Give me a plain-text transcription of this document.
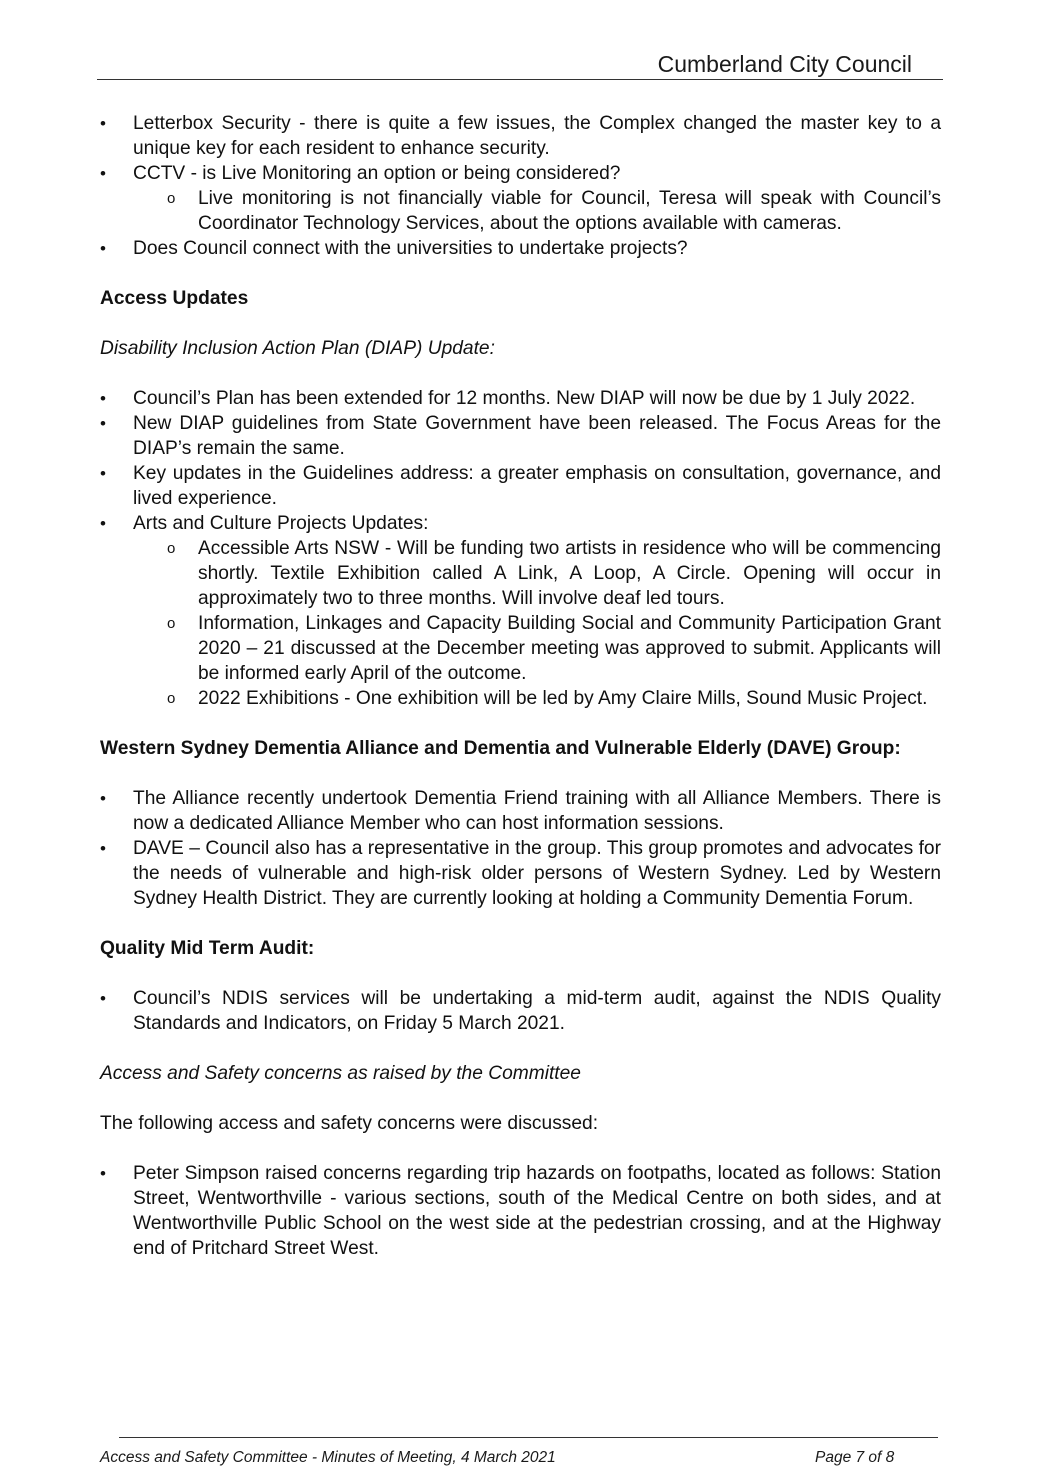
Cumberland City Council
• Letterbox Security - there is quite a few issues, the Complex changed the master key to a unique key for each resident to enhance security.
• CCTV - is Live Monitoring an option or being considered?
o Live monitoring is not financially viable for Council, Teresa will speak with Council’s Coordinator Technology Services, about the options available with cameras.
• Does Council connect with the universities to undertake projects?

Access Updates

Disability Inclusion Action Plan (DIAP) Update:

• Council’s Plan has been extended for 12 months. New DIAP will now be due by 1 July 2022.
• New DIAP guidelines from State Government have been released. The Focus Areas for the DIAP’s remain the same.
• Key updates in the Guidelines address: a greater emphasis on consultation, governance, and lived experience.
• Arts and Culture Projects Updates:
o Accessible Arts NSW - Will be funding two artists in residence who will be commencing shortly. Textile Exhibition called A Link, A Loop, A Circle. Opening will occur in approximately two to three months. Will involve deaf led tours.
o Information, Linkages and Capacity Building Social and Community Participation Grant 2020 – 21 discussed at the December meeting was approved to submit. Applicants will be informed early April of the outcome.
o 2022 Exhibitions - One exhibition will be led by Amy Claire Mills, Sound Music Project.

Western Sydney Dementia Alliance and Dementia and Vulnerable Elderly (DAVE) Group:

• The Alliance recently undertook Dementia Friend training with all Alliance Members. There is now a dedicated Alliance Member who can host information sessions.
• DAVE – Council also has a representative in the group. This group promotes and advocates for the needs of vulnerable and high-risk older persons of Western Sydney. Led by Western Sydney Health District. They are currently looking at holding a Community Dementia Forum.

Quality Mid Term Audit:

• Council’s NDIS services will be undertaking a mid-term audit, against the NDIS Quality Standards and Indicators, on Friday 5 March 2021.

Access and Safety concerns as raised by the Committee

The following access and safety concerns were discussed:

• Peter Simpson raised concerns regarding trip hazards on footpaths, located as follows: Station Street, Wentworthville - various sections, south of the Medical Centre on both sides, and at Wentworthville Public School on the west side at the pedestrian crossing, and at the Highway end of Pritchard Street West.
Access and Safety Committee - Minutes of Meeting, 4 March 2021	Page 7 of 8
